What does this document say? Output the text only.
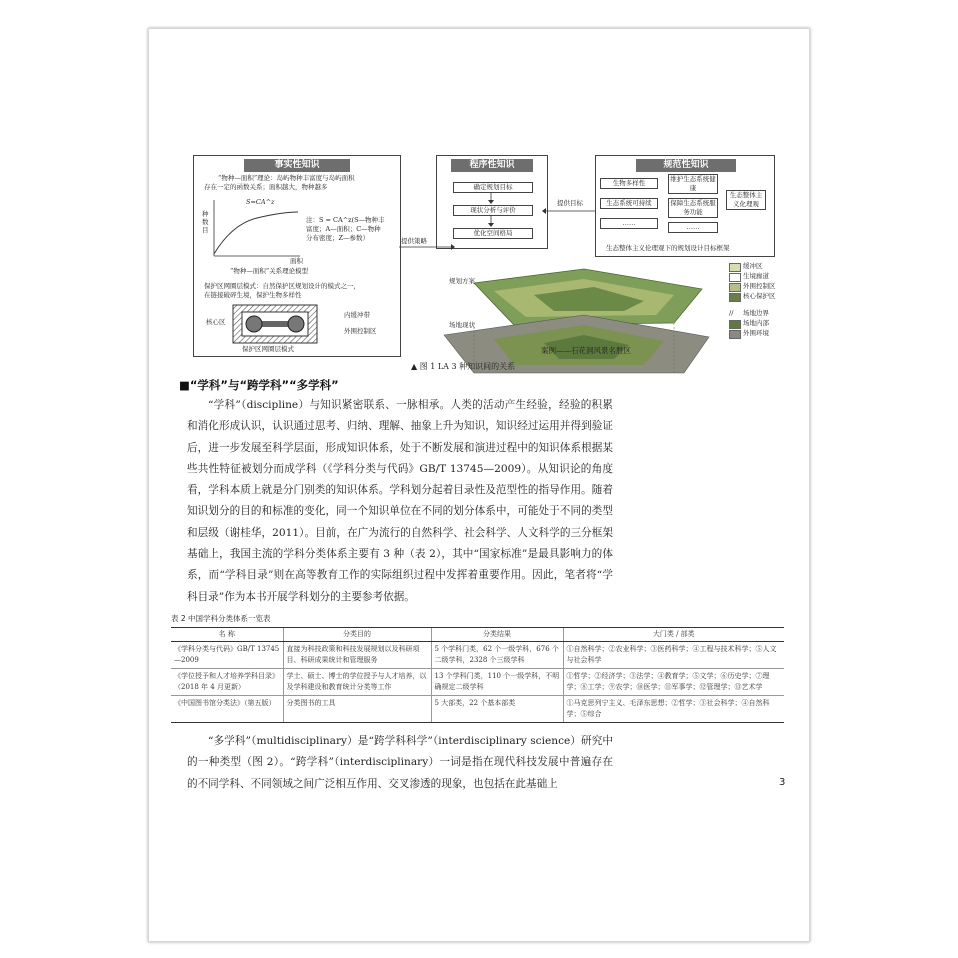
事实性知识
“物种—面积”理论：岛屿物种丰富度与岛屿面积
存在一定的函数关系；面积越大，物种越多
S=CA^z
种数目
面积
注：S = CA^z(S—物种丰
富度；A—面积；C—物种
分布密度；Z—参数）
“物种—面积”关系理论模型
保护区网圈层模式：自然保护区规划设计的模式之一，
在链接破碎生境，保护生物多样性
核心区
内缓冲带
外围控制区
保护区网圈层模式
程序性知识
确定规划目标
现状分析与评价
优化空间格局
规范性知识
生物多样性
生态系统可持续
……
维护生态系统健康
保障生态系统服务功能
……
生态整体主义化理观
生态整体主义伦理观下的规划设计目标框架
提供目标
提供策略
规划方案
场地现状
案例——石花洞风景名胜区
缓冲区
生境廊道
外围控制区
核心保护区
∕∕ 场地边界
场地内部
外围环境
▲ 图 1 LA 3 种知识间的关系
■“学科”与“跨学科”“多学科”
“学科”（discipline）与知识紧密联系、一脉相承。人类的活动产生经验，经验的积累和消化形成认识，认识通过思考、归纳、理解、抽象上升为知识，知识经过运用并得到验证后，进一步发展至科学层面，形成知识体系，处于不断发展和演进过程中的知识体系根据某些共性特征被划分而成学科（《学科分类与代码》GB/T 13745—2009）。从知识论的角度看，学科本质上就是分门别类的知识体系。学科划分起着目录性及范型性的指导作用。随着知识划分的目的和标准的变化，同一个知识单位在不同的划分体系中，可能处于不同的类型和层级（谢桂华，2011）。目前，在广为流行的自然科学、社会科学、人文科学的三分框架基础上，我国主流的学科分类体系主要有 3 种（表 2），其中“国家标准”是最具影响力的体系，而“学科目录”则在高等教育工作的实际组织过程中发挥着重要作用。因此，笔者将“学科目录”作为本书开展学科划分的主要参考依据。
表 2 中国学科分类体系一览表
名 称	分类目的	分类结果	大门类 / 部类
《学科分类与代码》GB/T 13745—2009	直接为科技政策和科技发展规划以及科研项目、科研成果统计和管理服务	5 个学科门类，62 个一级学科，676 个二级学科，2328 个三级学科	①自然科学；②农业科学；③医药科学；④工程与技术科学；⑤人文与社会科学
《学位授予和人才培养学科目录》（2018 年 4 月更新）	学士、硕士、博士的学位授予与人才培养，以及学科建设和教育统计分类等工作	13 个学科门类，110 个一级学科，不明确规定二级学科	①哲学；②经济学；③法学；④教育学；⑤文学；⑥历史学；⑦理学；⑧工学；⑨农学；⑩医学；⑪军事学；⑫管理学；⑬艺术学
《中国图书馆分类法》（第五版）	分类图书的工具	5 大部类，22 个基本部类	①马克思列宁主义、毛泽东思想；②哲学；③社会科学；④自然科学；⑤综合
“多学科”（multidisciplinary）是“跨学科科学”（interdisciplinary science）研究中的一种类型（图 2）。“跨学科”（interdisciplinary）一词是指在现代科技发展中普遍存在的不同学科、不同领域之间广泛相互作用、交叉渗透的现象，也包括在此基础上	3
